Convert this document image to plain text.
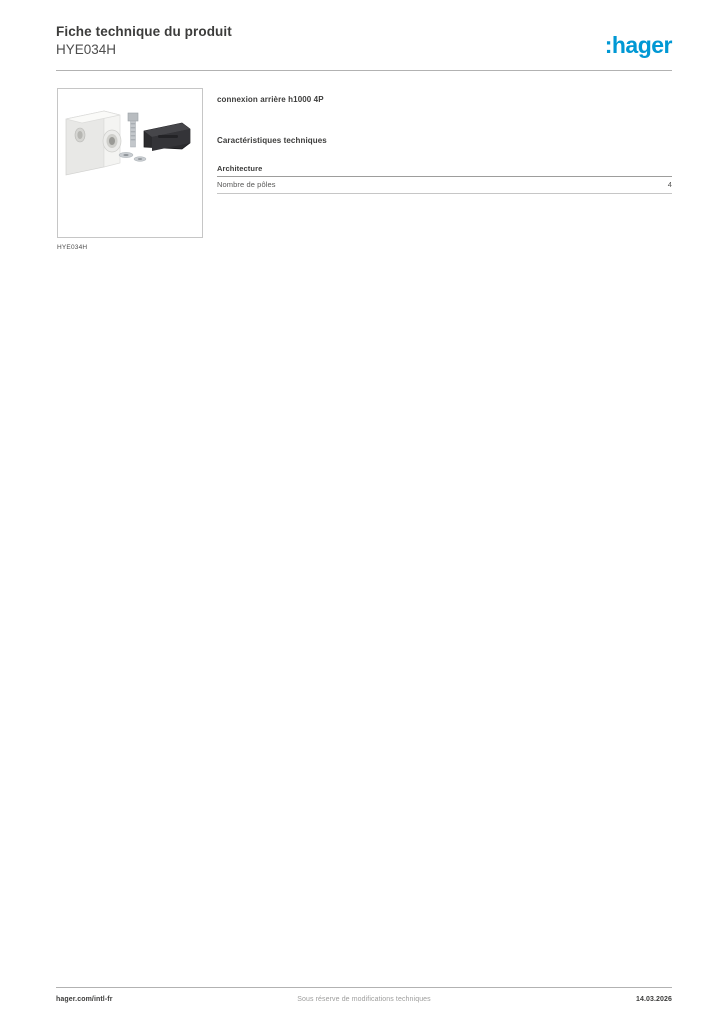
Fiche technique du produit
HYE034H	:hager
HYE034H
connexion arrière h1000 4P
Caractéristiques techniques
Architecture
Nombre de pôles	4
hager.com/intl-fr	Sous réserve de modifications techniques	14.03.2026
